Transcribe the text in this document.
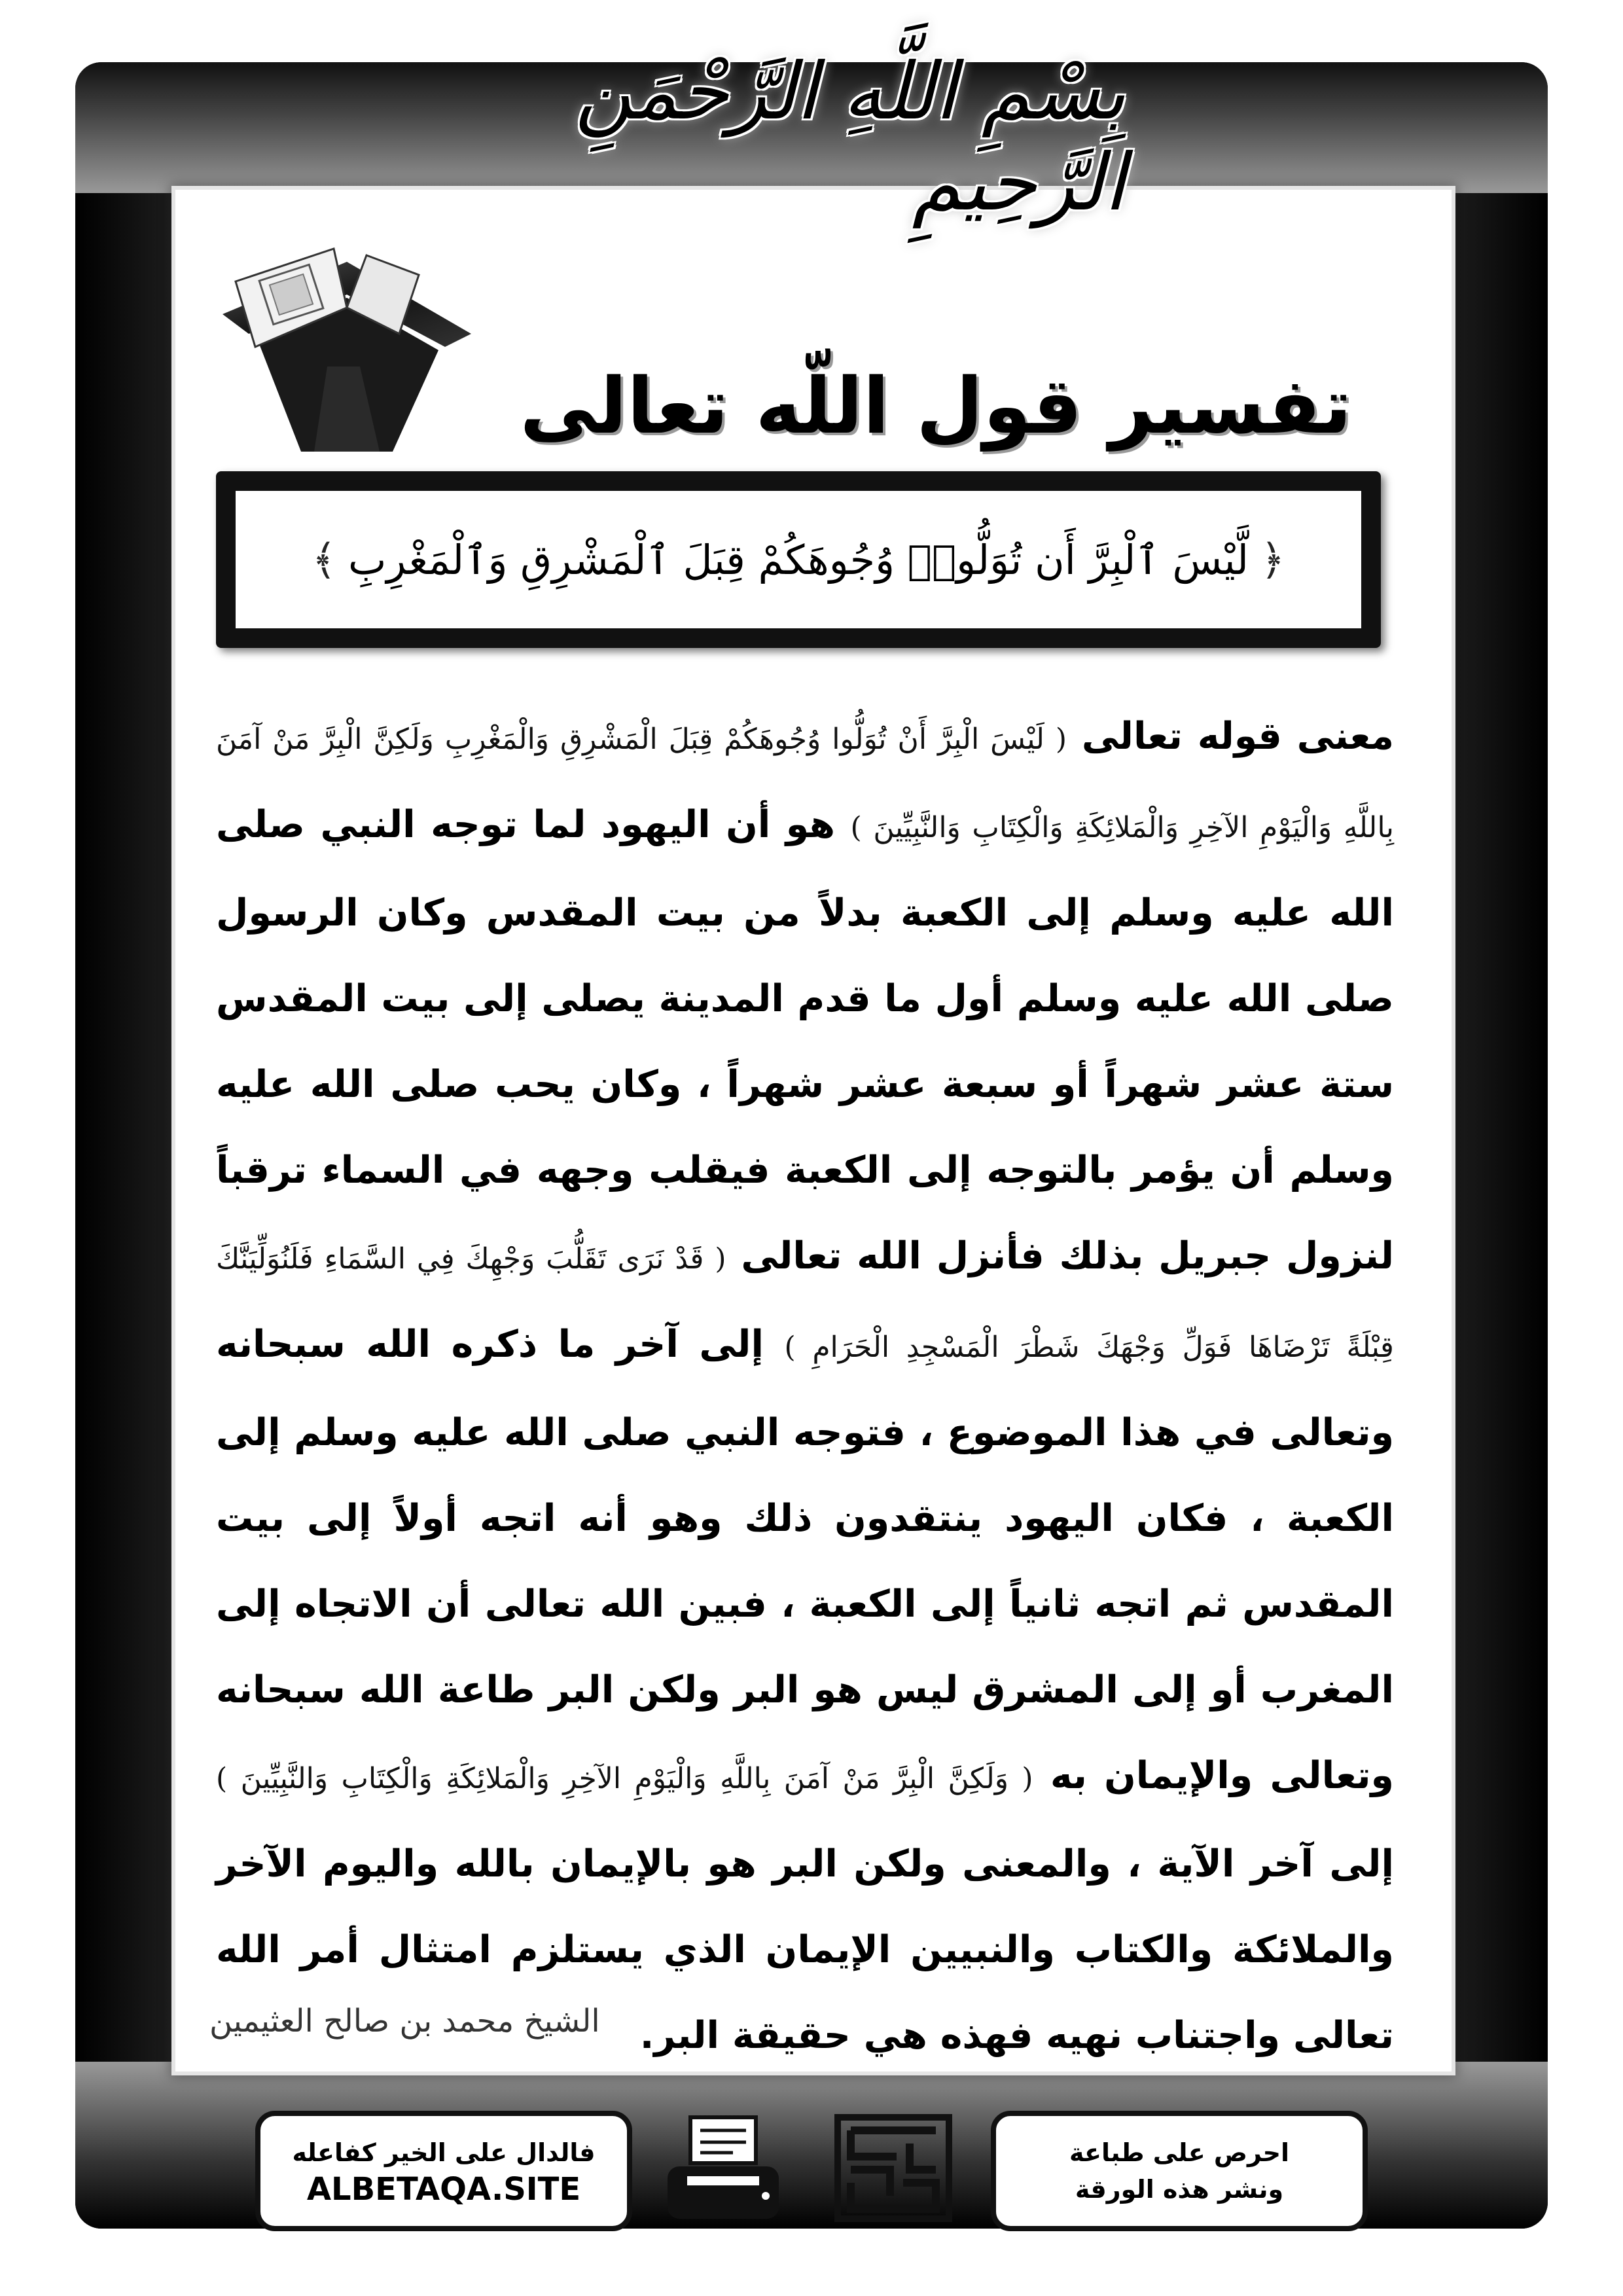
بِسْمِ اللَّهِ الرَّحْمَنِ الرَّحِيمِ
تفسير قول اللّه تعالى
﴿
لَّيْسَ ٱلْبِرَّ أَن تُوَلُّوا۟ وُجُوهَكُمْ قِبَلَ ٱلْمَشْرِقِ وَٱلْمَغْرِبِ
﴾
معنى قوله تعالى ( لَيْسَ الْبِرَّ أَنْ تُوَلُّوا وُجُوهَكُمْ قِبَلَ الْمَشْرِقِ وَالْمَغْرِبِ وَلَكِنَّ الْبِرَّ مَنْ آمَنَ بِاللَّهِ وَالْيَوْمِ الآخِرِ وَالْمَلائِكَةِ وَالْكِتَابِ وَالنَّبِيِّينَ ) هو أن اليهود لما توجه النبي صلى الله عليه وسلم إلى الكعبة بدلاً من بيت المقدس وكان الرسول صلى الله عليه وسلم أول ما قدم المدينة يصلى إلى بيت المقدس ستة عشر شهراً أو سبعة عشر شهراً ، وكان يحب صلى الله عليه وسلم أن يؤمر بالتوجه إلى الكعبة فيقلب وجهه في السماء ترقباً لنزول جبريل بذلك فأنزل الله تعالى ( قَدْ نَرَى تَقَلُّبَ وَجْهِكَ فِي السَّمَاءِ فَلَنُوَلِّيَنَّكَ قِبْلَةً تَرْضَاهَا فَوَلِّ وَجْهَكَ شَطْرَ الْمَسْجِدِ الْحَرَامِ ) إلى آخر ما ذكره الله سبحانه وتعالى في هذا الموضوع ، فتوجه النبي صلى الله عليه وسلم إلى الكعبة ، فكان اليهود ينتقدون ذلك وهو أنه اتجه أولاً إلى بيت المقدس ثم اتجه ثانياً إلى الكعبة ، فبين الله تعالى أن الاتجاه إلى المغرب أو إلى المشرق ليس هو البر ولكن البر طاعة الله سبحانه وتعالى والإيمان به ( وَلَكِنَّ الْبِرَّ مَنْ آمَنَ بِاللَّهِ وَالْيَوْمِ الآخِرِ وَالْمَلائِكَةِ وَالْكِتَابِ وَالنَّبِيِّينَ ) إلى آخر الآية ، والمعنى ولكن البر هو بالإيمان بالله واليوم الآخر والملائكة والكتاب والنبيين الإيمان الذي يستلزم امتثال أمر الله تعالى واجتناب نهيه فهذه هي حقيقة البر.
الشيخ محمد بن صالح العثيمين
احرص على طباعة
ونشر هذه الورقة
فالدال على الخير كفاعله
ALBETAQA.SITE
